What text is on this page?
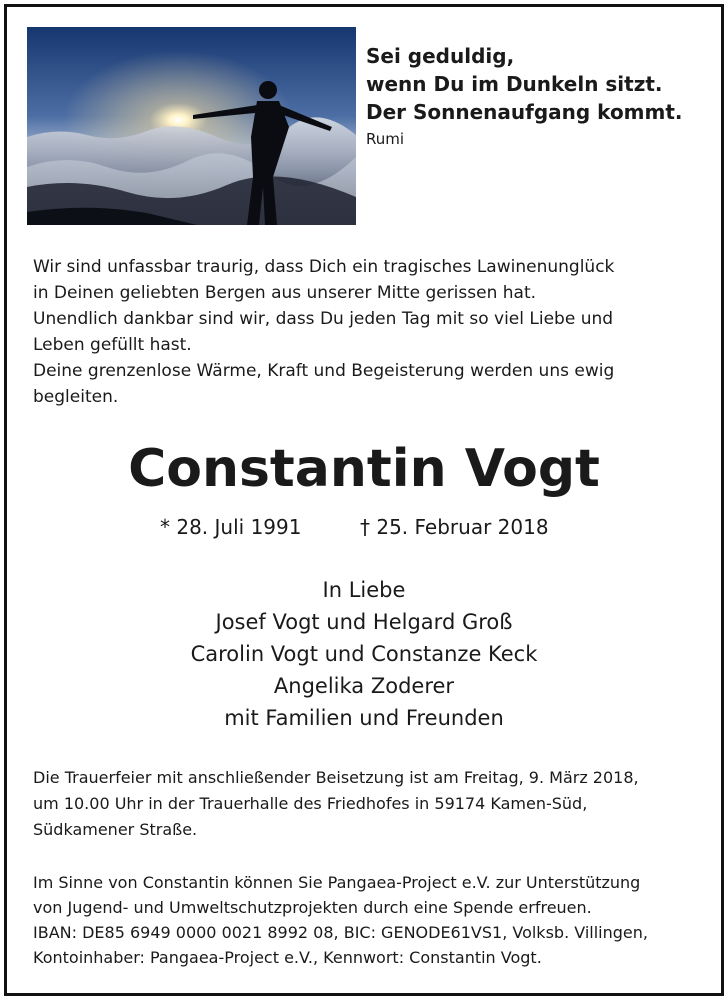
Sei geduldig,
wenn Du im Dunkeln sitzt.
Der Sonnenaufgang kommt.
Rumi
Wir sind unfassbar traurig, dass Dich ein tragisches Lawinenunglück
in Deinen geliebten Bergen aus unserer Mitte gerissen hat.
Unendlich dankbar sind wir, dass Du jeden Tag mit so viel Liebe und
Leben gefüllt hast.
Deine grenzenlose Wärme, Kraft und Begeisterung werden uns ewig
begleiten.
Constantin Vogt
* 28. Juli 1991	† 25. Februar 2018
In Liebe
Josef Vogt und Helgard Groß
Carolin Vogt und Constanze Keck
Angelika Zoderer
mit Familien und Freunden
Die Trauerfeier mit anschließender Beisetzung ist am Freitag, 9. März 2018,
um 10.00 Uhr in der Trauerhalle des Friedhofes in 59174 Kamen-Süd,
Südkamener Straße.
Im Sinne von Constantin können Sie Pangaea-Project e.V. zur Unterstützung
von Jugend- und Umweltschutzprojekten durch eine Spende erfreuen.
IBAN: DE85 6949 0000 0021 8992 08, BIC: GENODE61VS1, Volksb. Villingen,
Kontoinhaber: Pangaea-Project e.V., Kennwort: Constantin Vogt.
